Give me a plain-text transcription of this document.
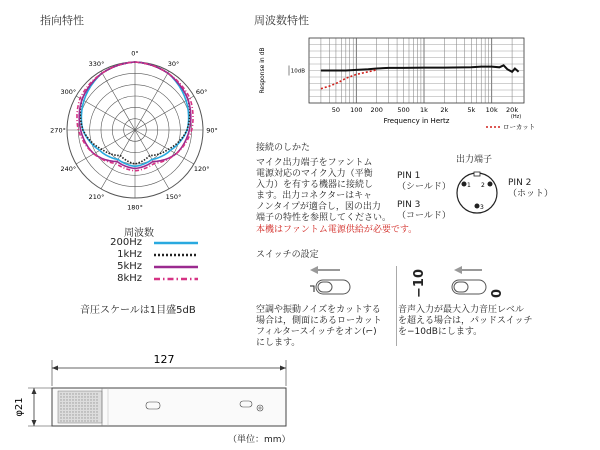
指向特性
0°
30°
60°
90°
120°
150°
180°
210°
240°
270°
300°
330°
周波数
200Hz
1kHz
5kHz
8kHz
音圧スケールは1目盛5dB
周波数特性
50 100 200 500 1k 2k	5k 10k 20k
(Hz)
Frequency in Hertz
Response in dB	10dB
ローカット
接続のしかた
マイク出力端子をファントム
電源対応のマイク入力（平衡
入力）を有する機器に接続し
ます。出力コネクターはキャ
ノンタイプが適合し，図の出力
端子の特性を参照してください。
本機はファントム電源供給が必要です。
出力端子
1 2
3
PIN 1
（シールド）	PIN 2
（ホット）
PIN 3
（コールド）
スイッチの設定
−10	0
空調や振動ノイズをカットする
場合は，側面にあるローカット
フィルタースイッチをオン(⌐)
にします。
音声入力が最大入力音圧レベル
を超える場合は，パッドスイッチ
を−10dBにします。
127
φ21
（単位：mm）
